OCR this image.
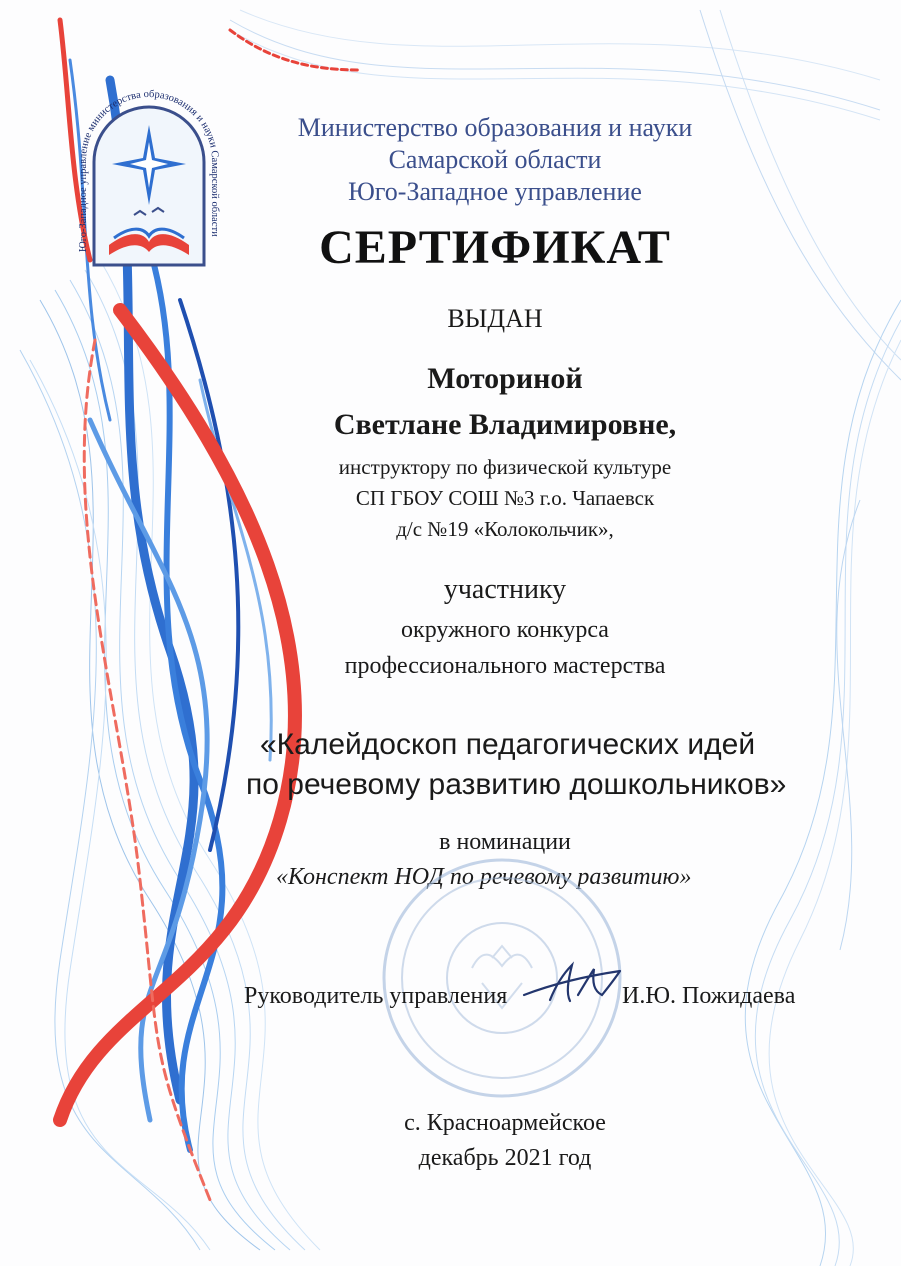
Юго-Западное управление министерства образования и науки Самарской области
Министерство образования и науки
Самарской области
Юго-Западное управление
СЕРТИФИКАТ
ВЫДАН
Моториной
Светлане Владимировне,
инструктору по физической культуре
СП ГБОУ СОШ №3 г.о. Чапаевск
д/с №19 «Колокольчик»,
участнику
окружного конкурса
профессионального мастерства
«Калейдоскоп педагогических идей
по речевому развитию дошкольников»
в номинации
«Конспект НОД по речевому развитию»
Руководитель управления	И.Ю. Пожидаева
с. Красноармейское
декабрь 2021 год
